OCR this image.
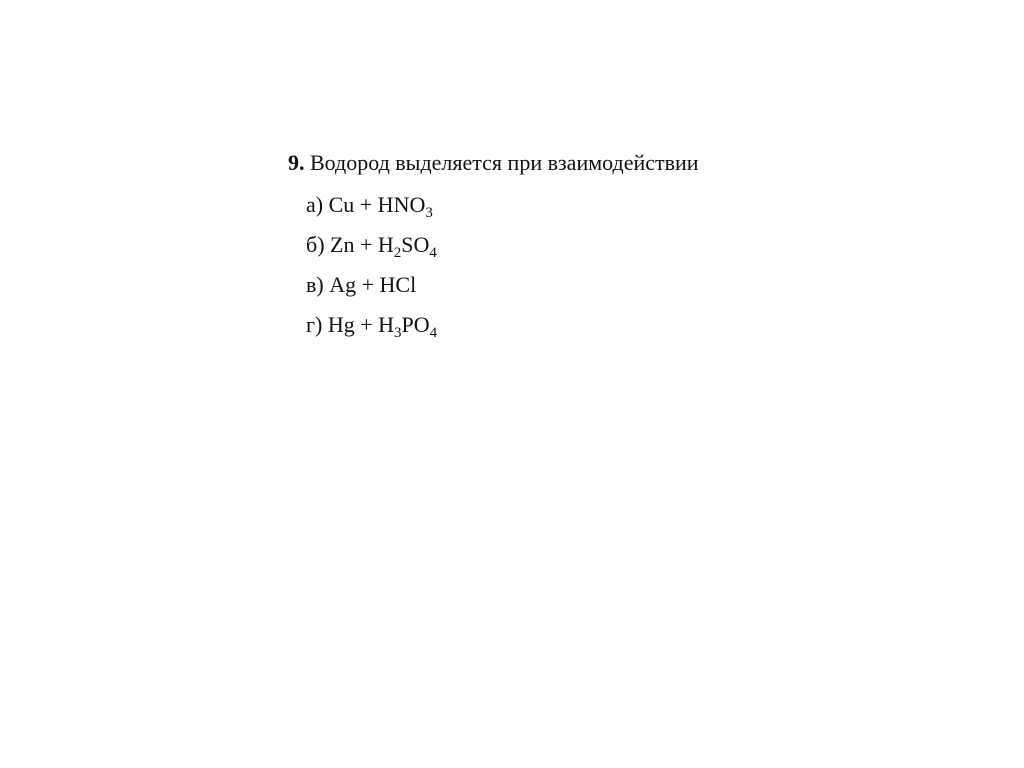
9. Водород выделяется при взаимодействии
а) $Cu + HNO_3$
б) $Zn + H_2SO_4$
в) Ag + HCl
г) $Hg + H_3PO_4$
